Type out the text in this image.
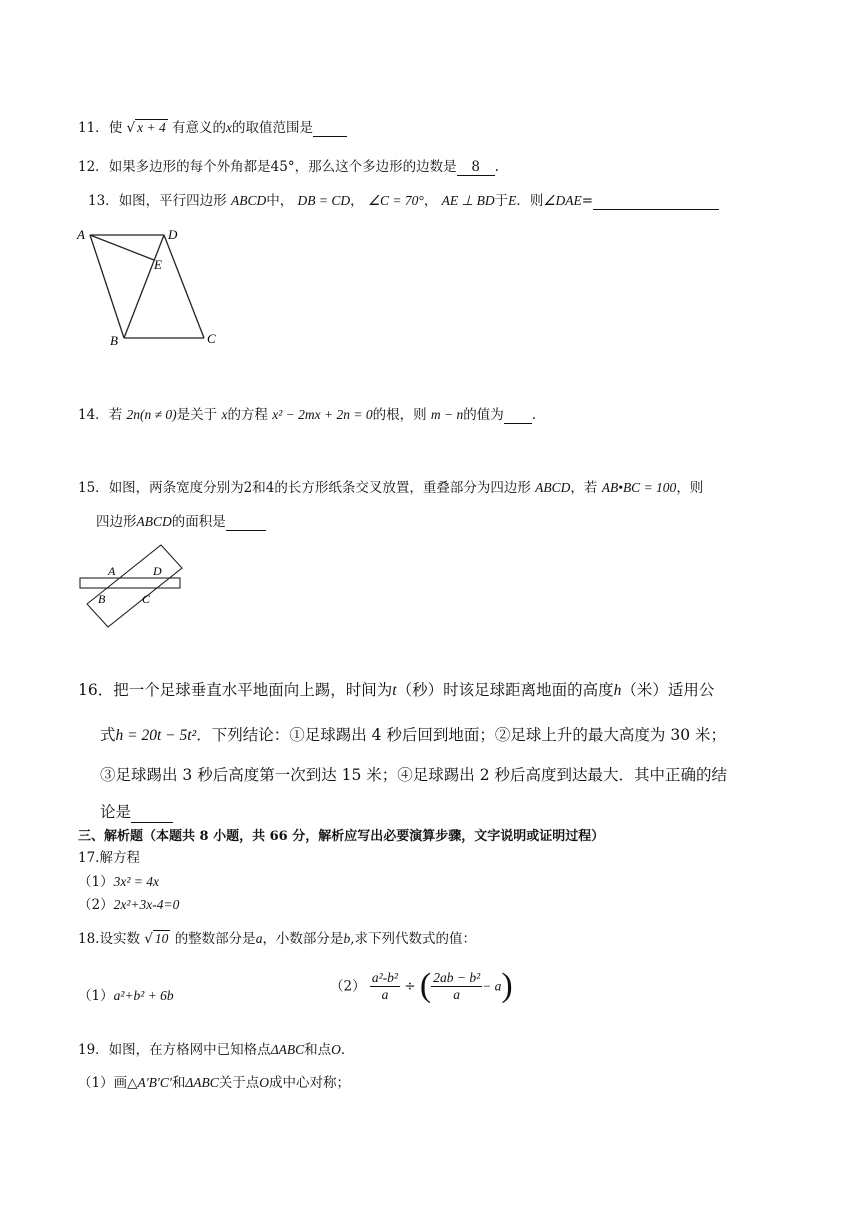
11．使 √ x + 4 有意义的x的取值范围是
12．如果多边形的每个外角都是45°，那么这个多边形的边数是 8 .
13．如图，平行四边形 ABCD中， DB = CD， ∠C = 70°， AE ⊥ BD于E．则∠DAE=
A	D
E
B	C
14．若 2n(n ≠ 0)是关于 x的方程 x² − 2mx + 2n = 0的根，则 m − n的值为 .
15．如图，两条宽度分别为2和4的长方形纸条交叉放置，重叠部分为四边形 ABCD，若 AB•BC = 100，则
四边形ABCD的面积是
A	D
B	C
16．把一个足球垂直水平地面向上踢，时间为t（秒）时该足球距离地面的高度h（米）适用公
式h = 20t − 5t²．下列结论：①足球踢出 4 秒后回到地面；②足球上升的最大高度为 30 米；
③足球踢出 3 秒后高度第一次到达 15 米；④足球踢出 2 秒后高度到达最大．其中正确的结
论是
三、解析题（本题共 8 小题，共 66 分，解析应写出必要演算步骤，文字说明或证明过程）
17.解方程
（1）3x² = 4x
（2）2x²+3x-4=0
18.设实数 √ 10 的整数部分是a，小数部分是b,求下列代数式的值：
（1）a²+b² + 6b
$(2) \frac{\text{a²-b²}}{a}$ ÷ ( $\frac{\text{2ab − b²}}{a} - a$)
19．如图，在方格网中已知格点ΔABC和点O．
（1）画△A′B′C′和ΔABC关于点O成中心对称；
